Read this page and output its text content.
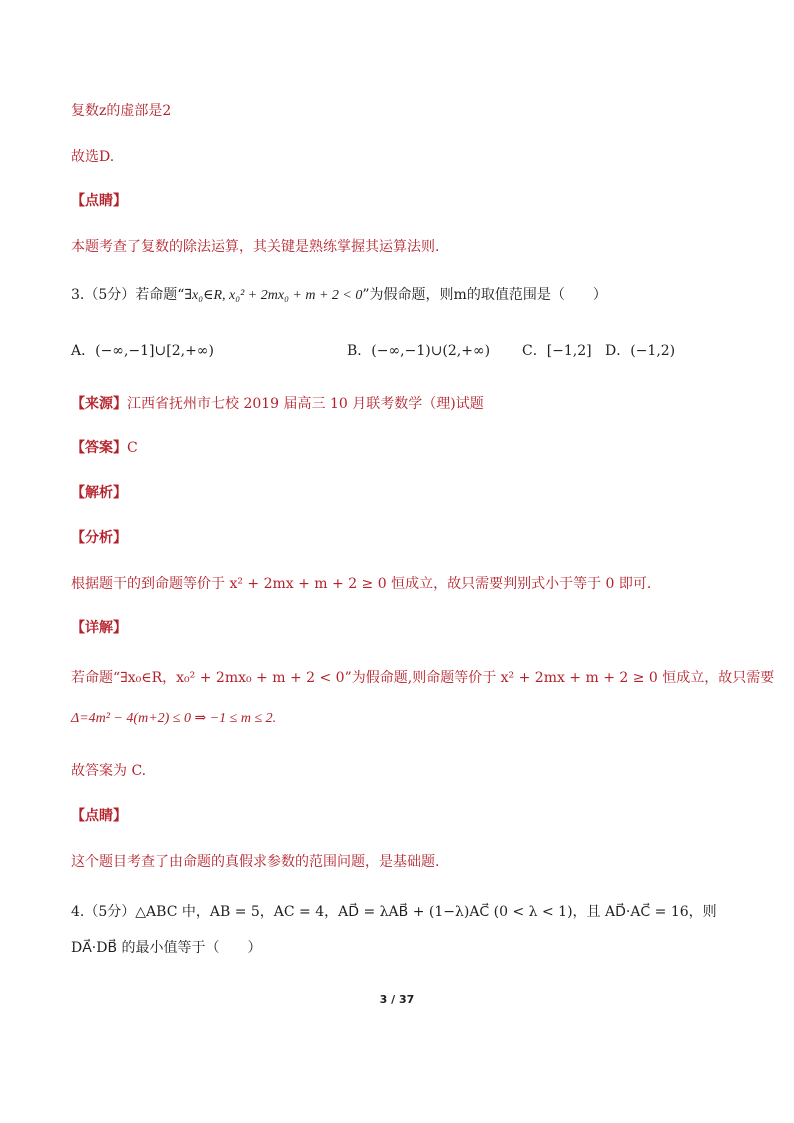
复数z的虚部是2
故选D.
【点睛】
本题考查了复数的除法运算，其关键是熟练掌握其运算法则.
3.（5分）若命题“∃x₀∈R, x₀² + 2mx₀ + m + 2 < 0”为假命题，则m的取值范围是（　　）
A．(−∞,−1]∪[2,+∞)	B．(−∞,−1)∪(2,+∞) C．[−1,2] D．(−1,2)
【来源】江西省抚州市七校 2019 届高三 10 月联考数学（理)试题
【答案】C
【解析】
【分析】
根据题干的到命题等价于 x² + 2mx + m + 2 ≥ 0 恒成立，故只需要判别式小于等于 0 即可.
【详解】
若命题“∃x₀∈R，x₀² + 2mx₀ + m + 2 < 0”为假命题,则命题等价于 x² + 2mx + m + 2 ≥ 0 恒成立，故只需要
Δ=4m² − 4(m+2) ≤ 0 ⇒ −1 ≤ m ≤ 2.
故答案为 C.
【点睛】
这个题目考查了由命题的真假求参数的范围问题，是基础题.
4.（5分）△ABC 中，AB = 5，AC = 4，AD⃗ = λAB⃗ + (1−λ)AC⃗ (0 < λ < 1)，且 AD⃗·AC⃗ = 16，则
DA⃗·DB⃗ 的最小值等于（　　）
3 / 37
